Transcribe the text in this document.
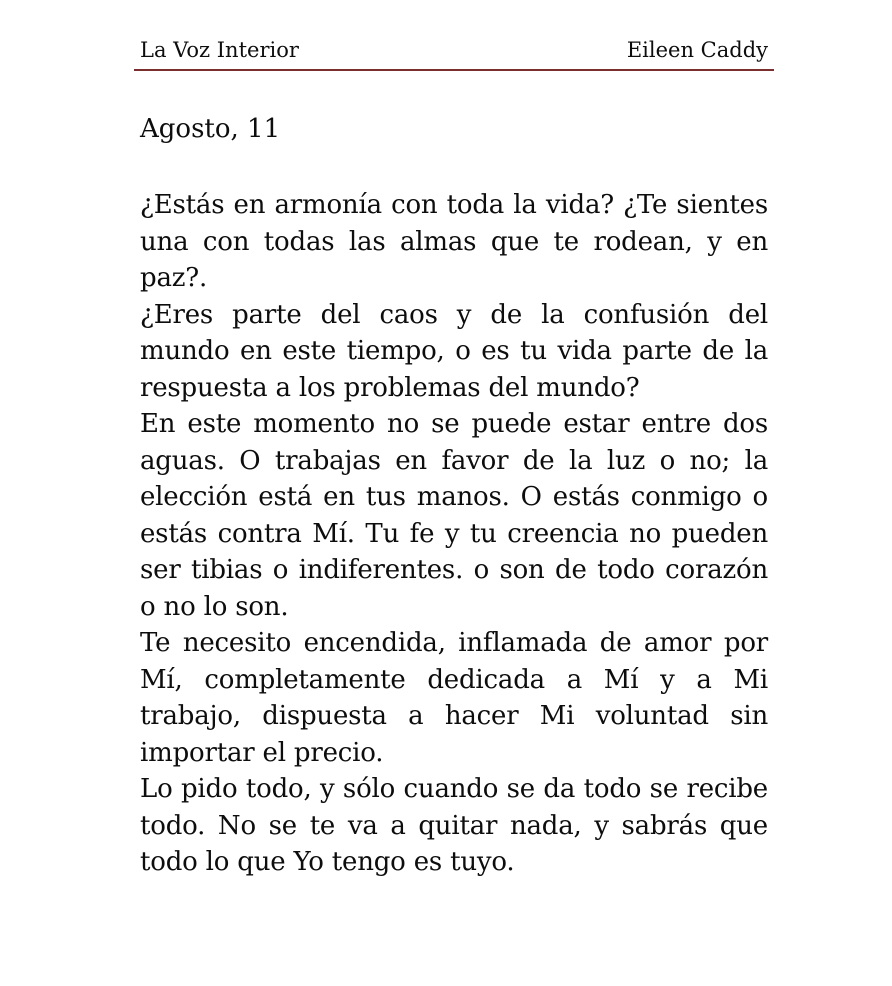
La Voz Interior	Eileen Caddy
Agosto, 11

¿Estás en armonía con toda la vida? ¿Te sientes una con todas las almas que te rodean, y en paz?.

¿Eres parte del caos y de la confusión del mundo en este tiempo, o es tu vida parte de la respuesta a los problemas del mundo?

En este momento no se puede estar entre dos aguas. O trabajas en favor de la luz o no; la elección está en tus manos. O estás conmigo o estás contra Mí. Tu fe y tu creencia no pueden ser tibias o indiferentes. o son de todo corazón o no lo son.

Te necesito encendida, inflamada de amor por Mí, completamente dedicada a Mí y a Mi trabajo, dispuesta a hacer Mi voluntad sin importar el precio.

Lo pido todo, y sólo cuando se da todo se recibe todo. No se te va a quitar nada, y sabrás que todo lo que Yo tengo es tuyo.
